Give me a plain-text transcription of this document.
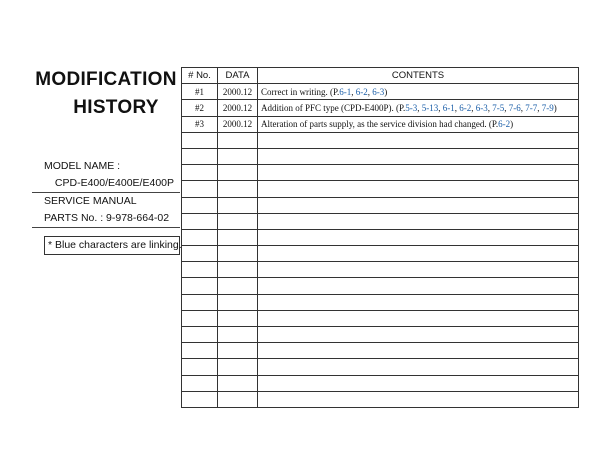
MODIFICATION
HISTORY
MODEL NAME :
CPD-E400/E400E/E400P
SERVICE MANUAL
PARTS No. : 9-978-664-02
* Blue characters are linking.
# No.	DATA	CONTENTS
#1	2000.12	Correct in writing. (P.6-1, 6-2, 6-3)
#2	2000.12	Addition of PFC type (CPD-E400P). (P.5-3, 5-13, 6-1, 6-2, 6-3, 7-5, 7-6, 7-7, 7-9)
#3	2000.12	Alteration of parts supply, as the service division had changed. (P.6-2)
